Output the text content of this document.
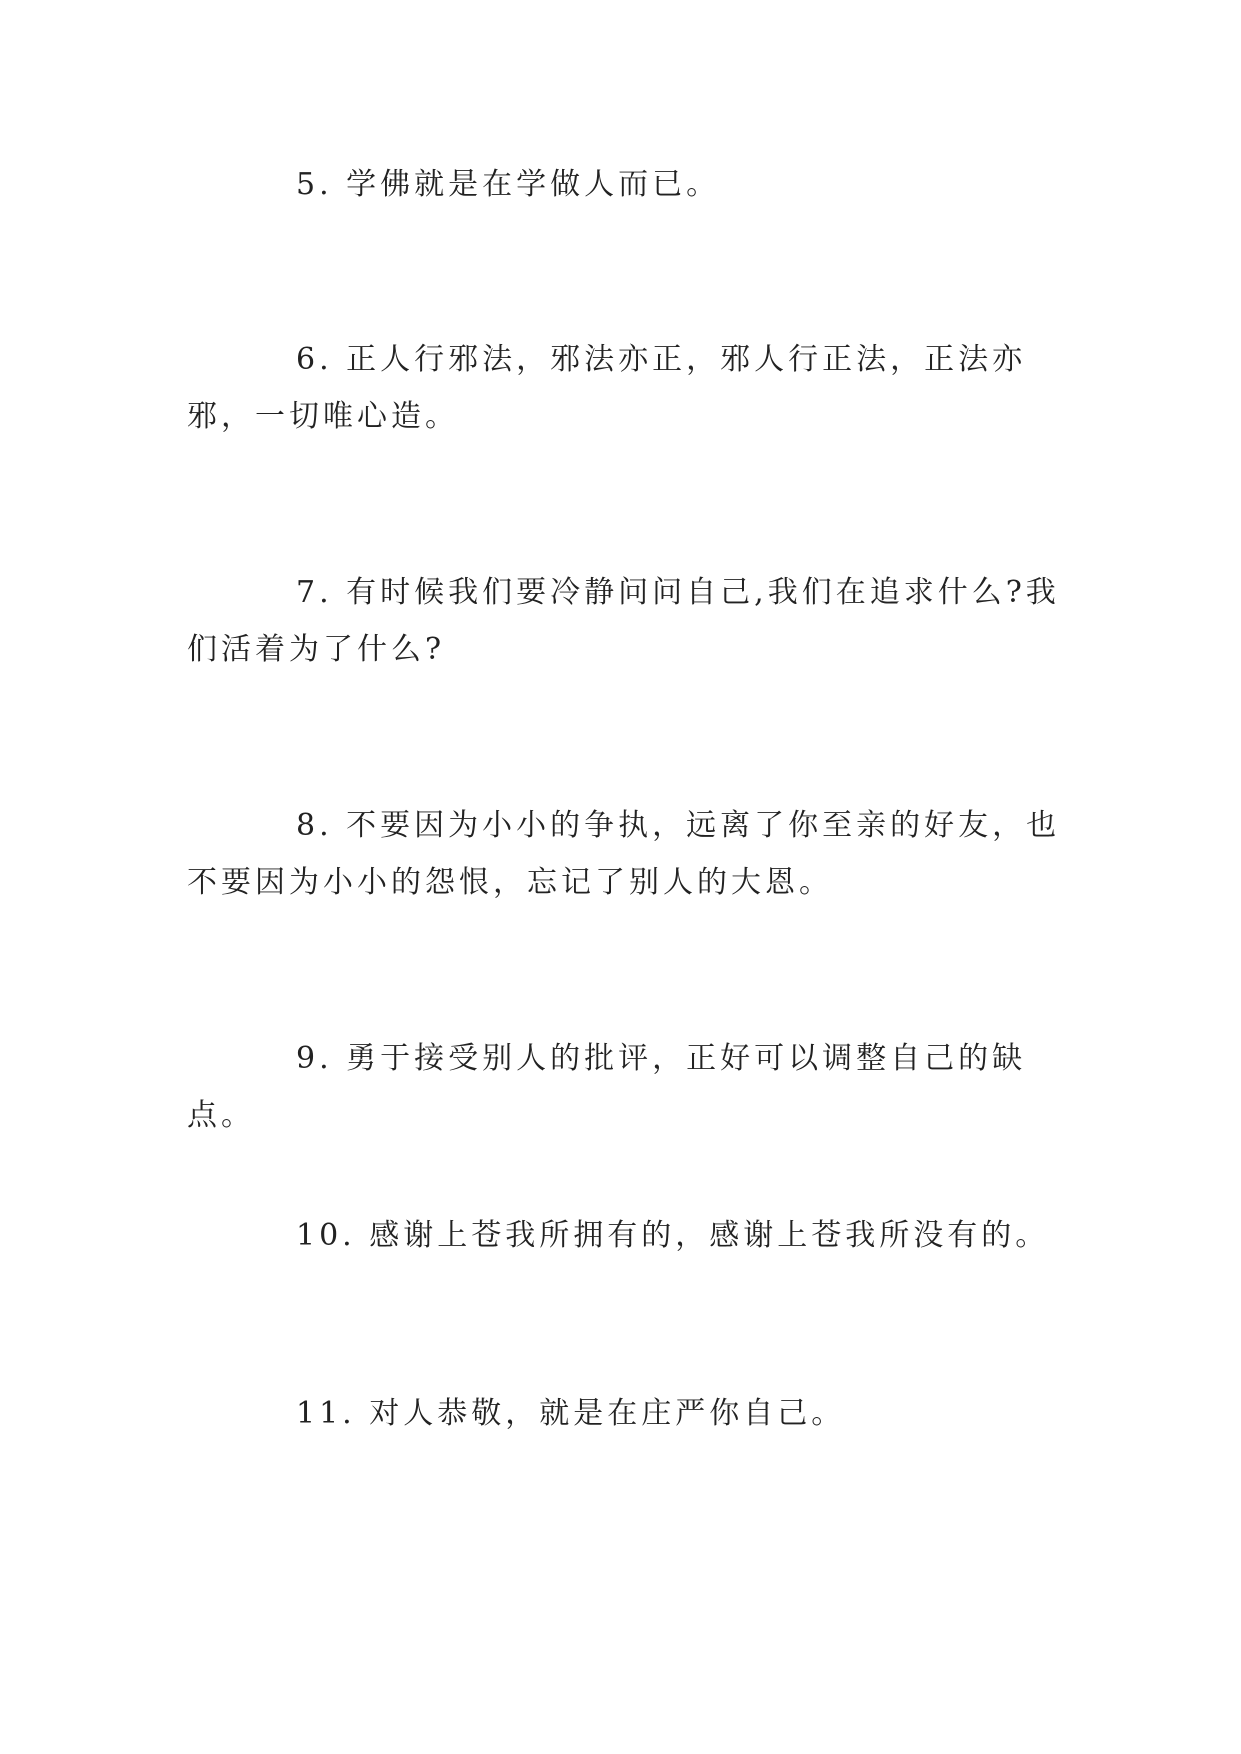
5. 学佛就是在学做人而已。

6. 正人行邪法，邪法亦正，邪人行正法，正法亦邪，一切唯心造。

7. 有时候我们要冷静问问自己,我们在追求什么?我们活着为了什么?

8. 不要因为小小的争执，远离了你至亲的好友，也不要因为小小的怨恨，忘记了别人的大恩。

9. 勇于接受别人的批评，正好可以调整自己的缺点。

10. 感谢上苍我所拥有的，感谢上苍我所没有的。

11. 对人恭敬，就是在庄严你自己。
